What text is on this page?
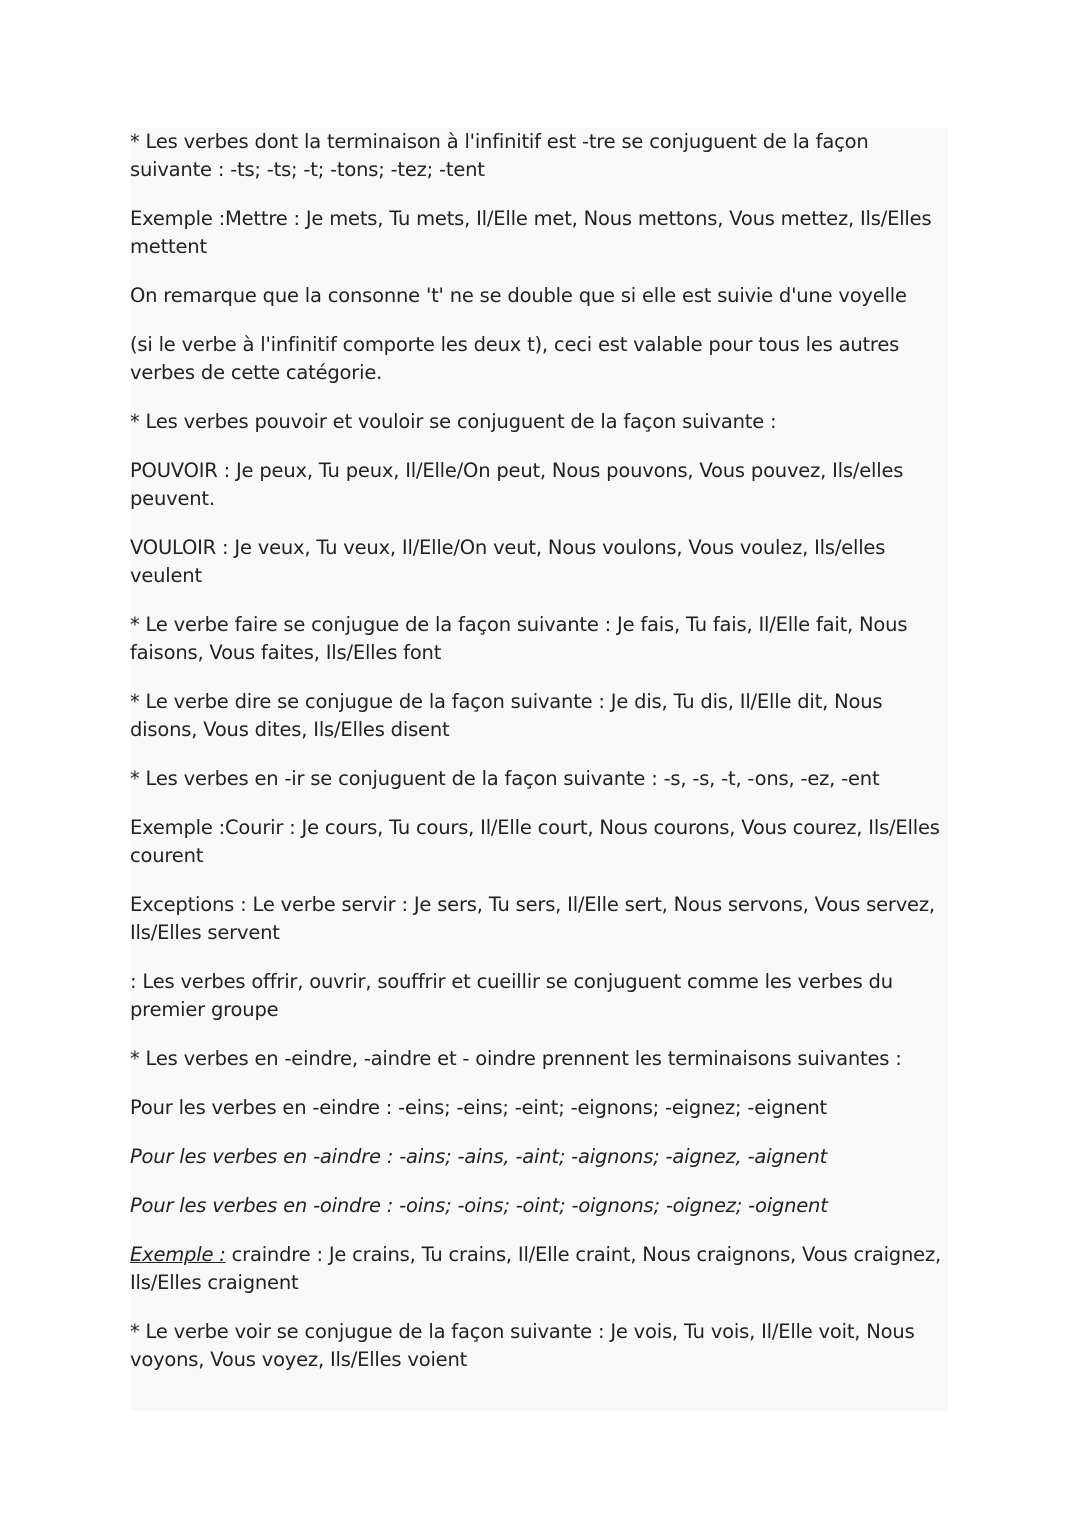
* Les verbes dont la terminaison à l'infinitif est -tre se conjuguent de la façon suivante : -ts; -ts; -t; -tons; -tez; -tent

Exemple :Mettre : Je mets, Tu mets, Il/Elle met, Nous mettons, Vous mettez, Ils/Elles mettent

On remarque que la consonne 't' ne se double que si elle est suivie d'une voyelle

(si le verbe à l'infinitif comporte les deux t), ceci est valable pour tous les autres verbes de cette catégorie.

* Les verbes pouvoir et vouloir se conjuguent de la façon suivante :

POUVOIR : Je peux, Tu peux, Il/Elle/On peut, Nous pouvons, Vous pouvez, Ils/elles peuvent.

VOULOIR : Je veux, Tu veux, Il/Elle/On veut, Nous voulons, Vous voulez, Ils/elles veulent

* Le verbe faire se conjugue de la façon suivante : Je fais, Tu fais, Il/Elle fait, Nous faisons, Vous faites, Ils/Elles font

* Le verbe dire se conjugue de la façon suivante : Je dis, Tu dis, Il/Elle dit, Nous disons, Vous dites, Ils/Elles disent

* Les verbes en -ir se conjuguent de la façon suivante : -s, -s, -t, -ons, -ez, -ent

Exemple :Courir : Je cours, Tu cours, Il/Elle court, Nous courons, Vous courez, Ils/Elles courent

Exceptions : Le verbe servir : Je sers, Tu sers, Il/Elle sert, Nous servons, Vous servez, Ils/Elles servent

: Les verbes offrir, ouvrir, souffrir et cueillir se conjuguent comme les verbes du premier groupe

* Les verbes en -eindre, -aindre et - oindre prennent les terminaisons suivantes :

Pour les verbes en -eindre : -eins; -eins; -eint; -eignons; -eignez; -eignent

Pour les verbes en -aindre : -ains; -ains, -aint; -aignons; -aignez, -aignent

Pour les verbes en -oindre : -oins; -oins; -oint; -oignons; -oignez; -oignent

Exemple : craindre : Je crains, Tu crains, Il/Elle craint, Nous craignons, Vous craignez, Ils/Elles craignent

* Le verbe voir se conjugue de la façon suivante : Je vois, Tu vois, Il/Elle voit, Nous voyons, Vous voyez, Ils/Elles voient
